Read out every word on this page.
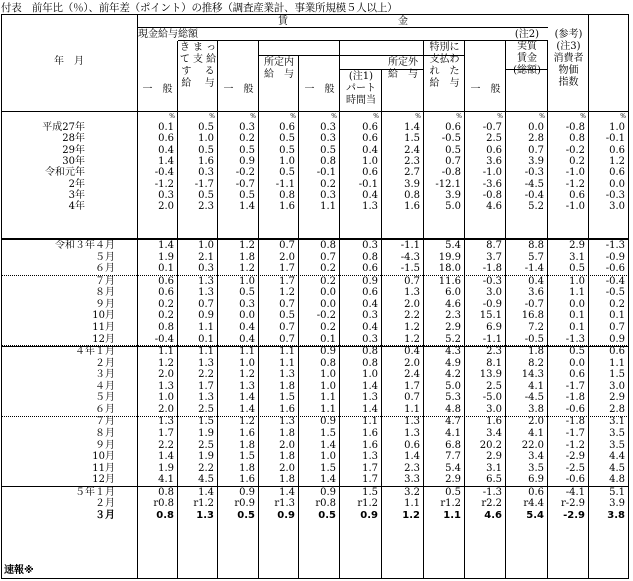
付表　前年比（％）、前年差（ポイント）の推移（調査産業計、事業所規模５人以上）
年　月
賃　　　　　　　　　　　金
現金給与総額
一　般
き ま っ
て 支 給
す　 る
給　 与
一　般
所定内
給　与
一　般
(注1)
パート
時間当
所定外
給　与
特別に
支払わ
れ　た
給　与
一　般
(注2)
実質
賃金
(総額)
(参考)
(注3)
消費者
物価
指数
%	%	%	%	%	%	%	%	%	%	%	%
平成27年	0.1	0.5	0.3	0.6	0.3	0.6	1.4	0.6	-0.7	0.0	-0.8	1.0
28年	0.6	1.0	0.2	0.5	0.3	0.6	1.5	-0.5	2.5	2.8	0.8	-0.1
29年	0.4	0.5	0.5	0.5	0.5	0.4	2.4	0.5	0.6	0.7	-0.2	0.6
30年	1.4	1.6	0.9	1.0	0.8	1.0	2.3	0.7	3.6	3.9	0.2	1.2
令和元年	-0.4	0.3	-0.2	0.5	-0.1	0.6	2.7	-0.8	-1.0	-0.3	-1.0	0.6
2年	-1.2	-1.7	-0.7	-1.1	0.2	-0.1	3.9	-12.1	-3.6	-4.5	-1.2	0.0
3年	0.3	0.5	0.5	0.8	0.3	0.4	0.8	3.9	-0.8	-0.4	0.6	-0.3
4年	2.0	2.3	1.4	1.6	1.1	1.3	1.6	5.0	4.6	5.2	-1.0	3.0
令和３年４月	1.4	1.0	1.2	0.7	0.8	0.3	-1.1	5.4	8.7	8.8	2.9	-1.3
５月	1.9	2.1	1.8	2.0	0.7	0.8	-4.3	19.9	3.7	5.7	3.1	-0.9
６月	0.1	0.3	1.2	1.7	0.2	0.6	-1.5	18.0	-1.8	-1.4	0.5	-0.6
７月	0.6	1.3	1.0	1.7	0.2	0.9	0.7	11.6	-0.3	0.4	1.0	-0.4
８月	0.6	1.3	0.5	1.2	0.0	0.6	1.3	6.0	3.0	3.6	1.1	-0.5
９月	0.2	0.7	0.3	0.7	0.0	0.4	2.0	4.6	-0.9	-0.7	0.0	0.2
10月	0.2	0.9	0.0	0.5	-0.2	0.3	2.2	2.3	15.1	16.8	0.1	0.1
11月	0.8	1.1	0.4	0.7	0.2	0.4	1.2	2.9	6.9	7.2	0.1	0.7
12月	-0.4	0.1	0.4	0.7	0.1	0.3	1.2	5.2	-1.1	-0.5	-1.3	0.9
４年１月	1.1	1.1	1.1	1.1	0.9	0.8	0.4	4.3	2.3	1.8	0.5	0.6
２月	1.2	1.3	1.0	1.1	0.8	0.8	2.0	4.9	8.1	8.2	0.0	1.1
３月	2.0	2.2	1.2	1.3	1.0	1.0	2.4	4.2	13.9	14.3	0.6	1.5
４月	1.3	1.7	1.3	1.8	1.0	1.4	1.7	5.0	2.5	4.1	-1.7	3.0
５月	1.0	1.3	1.4	1.5	1.1	1.3	0.7	5.3	-5.0	-4.5	-1.8	2.9
６月	2.0	2.5	1.4	1.6	1.1	1.4	1.1	4.8	3.0	3.8	-0.6	2.8
７月	1.3	1.5	1.2	1.3	0.9	1.1	1.3	4.7	1.6	2.0	-1.8	3.1
８月	1.7	1.9	1.6	1.8	1.5	1.6	1.3	4.1	3.4	4.1	-1.7	3.5
９月	2.2	2.5	1.8	2.0	1.4	1.6	0.6	6.8	20.2	22.0	-1.2	3.5
10月	1.4	1.9	1.5	1.8	1.0	1.3	1.4	7.7	2.9	3.4	-2.9	4.4
11月	1.9	2.2	1.8	2.0	1.5	1.7	2.3	5.4	3.1	3.5	-2.5	4.5
12月	4.1	4.5	1.6	1.8	1.4	1.7	3.3	2.9	6.5	6.9	-0.6	4.8
５年１月	0.8	1.4	0.9	1.4	0.9	1.5	3.2	0.5	-1.3	0.6	-4.1	5.1
２月	r0.8	r1.2	r0.9	r1.3	r0.8	r1.2	1.1	r1.2	r2.2	r4.4	r-2.9	3.9
３月	0.8	1.3	0.5	0.9	0.5	0.9	1.2	1.1	4.6	5.4	-2.9	3.8
速報※
